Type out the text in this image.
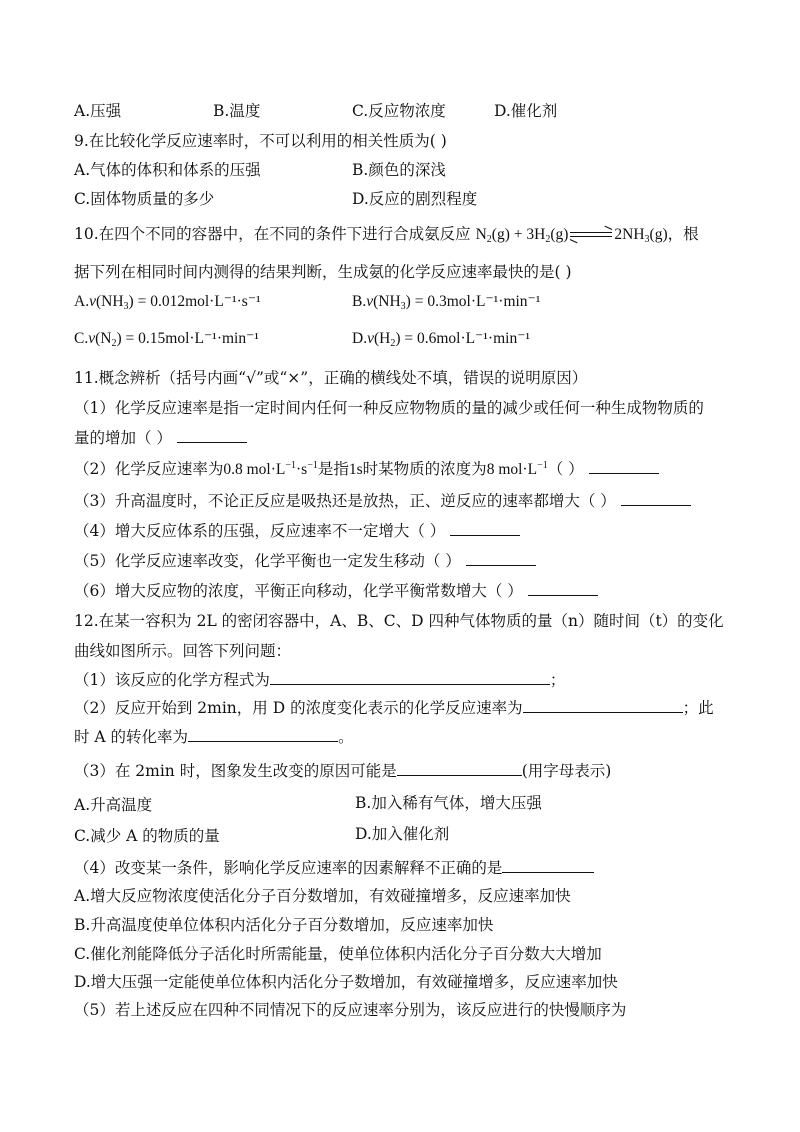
A.压强	B.温度	C.反应物浓度	D.催化剂
9.在比较化学反应速率时，不可以利用的相关性质为( )
A.气体的体积和体系的压强	B.颜色的深浅
C.固体物质量的多少	D.反应的剧烈程度
10.在四个不同的容器中，在不同的条件下进行合成氨反应 $N_2(g) + 3H_2(g)$	$2NH_3(g)$，根
据下列在相同时间内测得的结果判断，生成氨的化学反应速率最快的是( )
$A.v(NH_3) = 0.012mol\cdot L^{-1}\cdot s^{-1}$	$B.v(NH_3) = 0.3mol\cdot L^{-1}\cdot\min^{-1}$
$C.v(N_2) = 0.15mol\cdot L^{-1}\cdot\min^{-1}$	$D.v(H_2) = 0.6mol\cdot L^{-1}\cdot\min^{-1}$
11.概念辨析（括号内画“√”或“×”，正确的横线处不填，错误的说明原因）
（1）化学反应速率是指一定时间内任何一种反应物物质的量的减少或任何一种生成物物质的
量的增加（ ）
（2）化学反应速率为0.8 $mol\cdot L^{-1}\cdot s^{-1}$是指1s时某物质的浓度为8 $mol\cdot L^{-1}$（ ）
（3）升高温度时，不论正反应是吸热还是放热，正、逆反应的速率都增大（ ）
（4）增大反应体系的压强，反应速率不一定增大（ ）
（5）化学反应速率改变，化学平衡也一定发生移动（ ）
（6）增大反应物的浓度，平衡正向移动，化学平衡常数增大（ ）
12.在某一容积为 2L 的密闭容器中，A、B、C、D 四种气体物质的量（n）随时间（t）的变化
曲线如图所示。回答下列问题：
（1）该反应的化学方程式为	；
（2）反应开始到 2min，用 D 的浓度变化表示的化学反应速率为	；此
时 A 的转化率为	。
（3）在 2min 时，图象发生改变的原因可能是	(用字母表示)
A.升高温度	B.加入稀有气体，增大压强
C.减少 A 的物质的量	D.加入催化剂
（4）改变某一条件，影响化学反应速率的因素解释不正确的是
A.增大反应物浓度使活化分子百分数增加，有效碰撞增多，反应速率加快
B.升高温度使单位体积内活化分子百分数增加，反应速率加快
C.催化剂能降低分子活化时所需能量，使单位体积内活化分子百分数大大增加
D.增大压强一定能使单位体积内活化分子数增加，有效碰撞增多，反应速率加快
（5）若上述反应在四种不同情况下的反应速率分别为，该反应进行的快慢顺序为
